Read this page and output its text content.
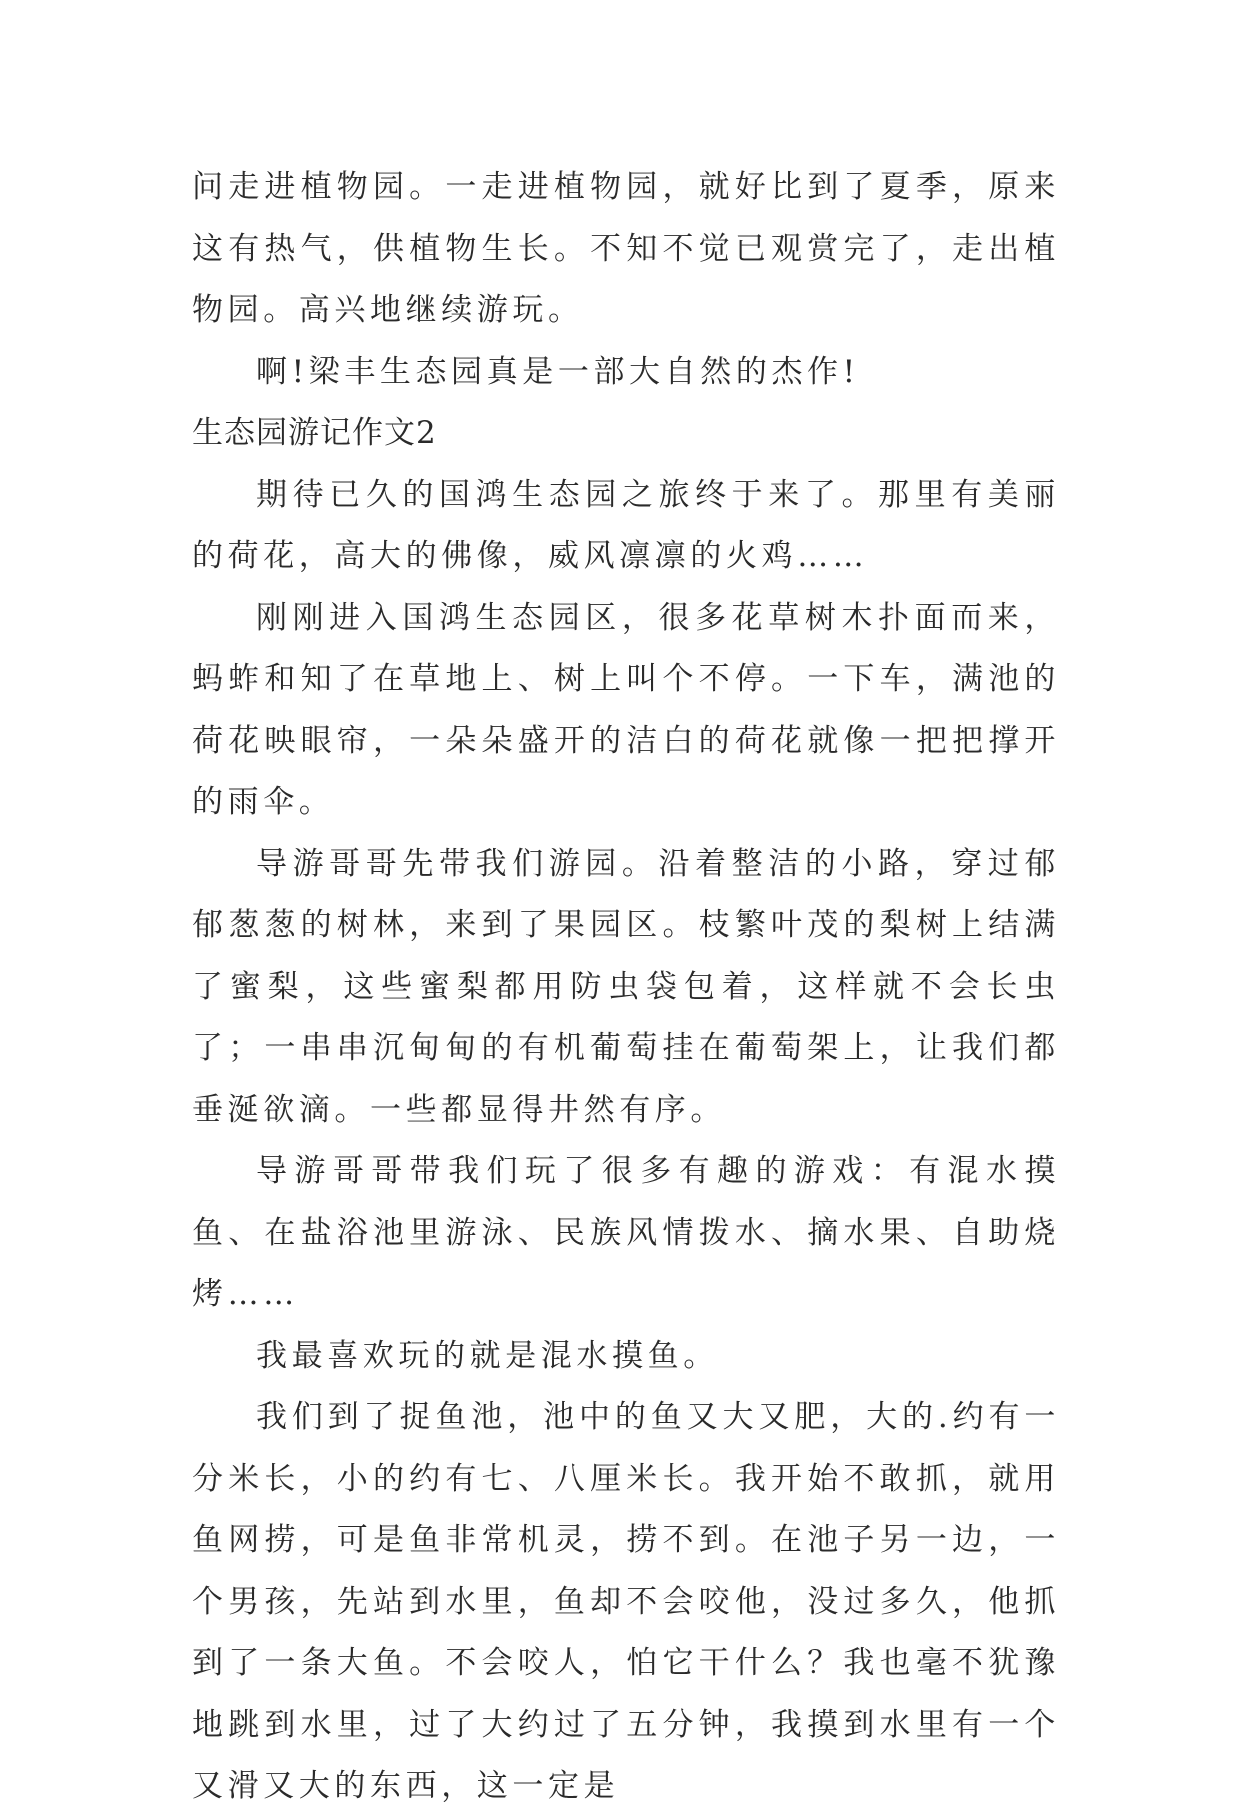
问走进植物园。一走进植物园，就好比到了夏季，原来这有热气，供植物生长。不知不觉已观赏完了，走出植物园。高兴地继续游玩。

啊!梁丰生态园真是一部大自然的杰作!

生态园游记作文2

期待已久的国鸿生态园之旅终于来了。那里有美丽的荷花，高大的佛像，威风凛凛的火鸡……

刚刚进入国鸿生态园区，很多花草树木扑面而来，蚂蚱和知了在草地上、树上叫个不停。一下车，满池的荷花映眼帘，一朵朵盛开的洁白的荷花就像一把把撑开的雨伞。

导游哥哥先带我们游园。沿着整洁的小路，穿过郁郁葱葱的树林，来到了果园区。枝繁叶茂的梨树上结满了蜜梨，这些蜜梨都用防虫袋包着，这样就不会长虫了；一串串沉甸甸的有机葡萄挂在葡萄架上，让我们都垂涎欲滴。一些都显得井然有序。

导游哥哥带我们玩了很多有趣的游戏：有混水摸鱼、在盐浴池里游泳、民族风情拨水、摘水果、自助烧烤……

我最喜欢玩的就是混水摸鱼。

我们到了捉鱼池，池中的鱼又大又肥，大的.约有一分米长，小的约有七、八厘米长。我开始不敢抓，就用鱼网捞，可是鱼非常机灵，捞不到。在池子另一边，一个男孩，先站到水里，鱼却不会咬他，没过多久，他抓到了一条大鱼。不会咬人，怕它干什么？我也毫不犹豫地跳到水里，过了大约过了五分钟，我摸到水里有一个又滑又大的东西，这一定是
